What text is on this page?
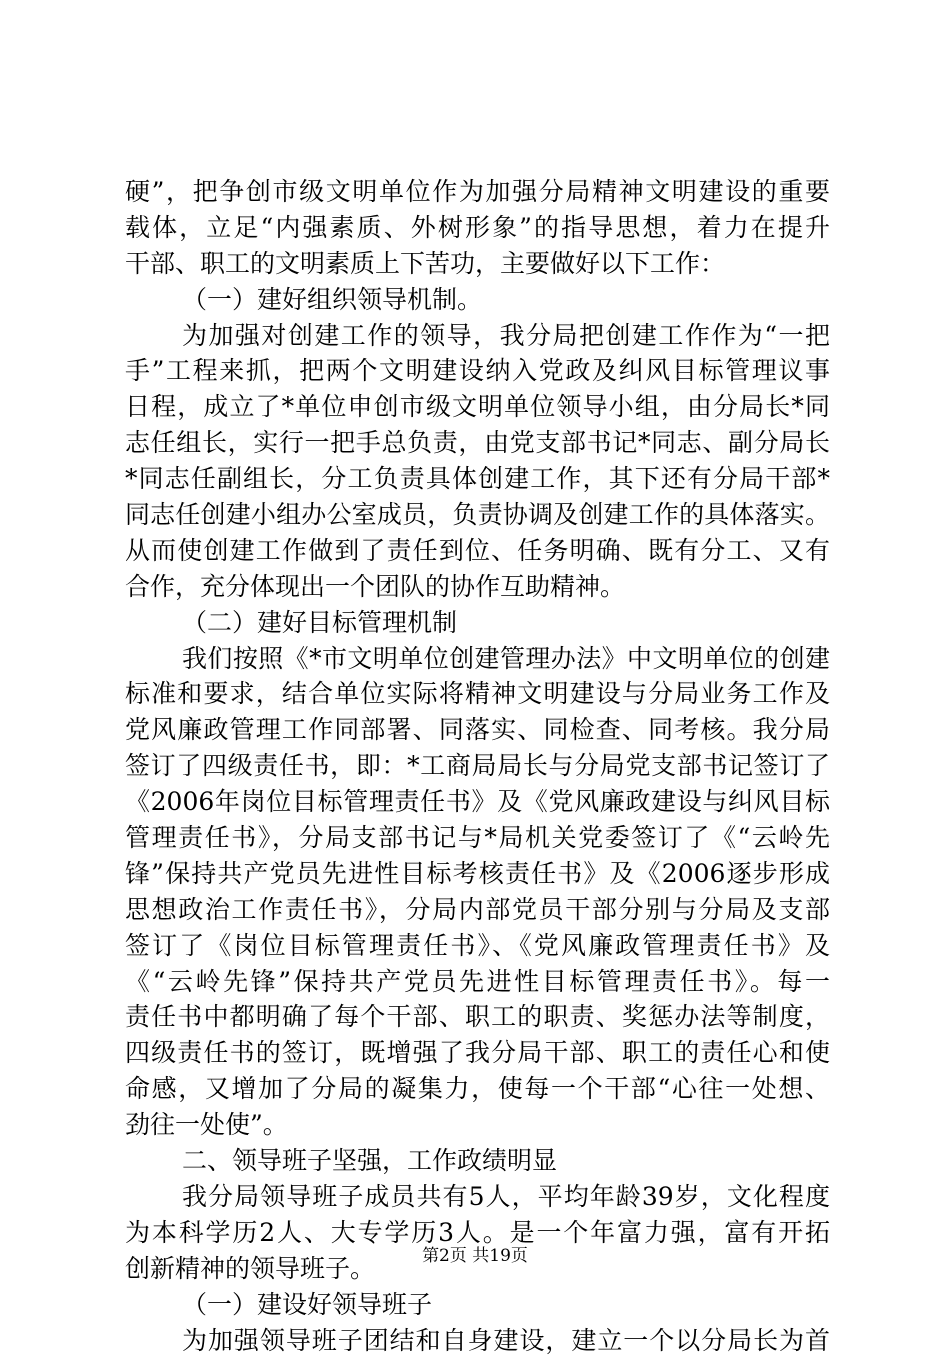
硬”，把争创市级文明单位作为加强分局精神文明建设的重要
载体，立足“内强素质、外树形象”的指导思想，着力在提升
干部、职工的文明素质上下苦功，主要做好以下工作：
（一）建好组织领导机制。
为加强对创建工作的领导，我分局把创建工作作为“一把
手”工程来抓，把两个文明建设纳入党政及纠风目标管理议事
日程，成立了*单位申创市级文明单位领导小组，由分局长*同
志任组长，实行一把手总负责，由党支部书记*同志、副分局长
*同志任副组长，分工负责具体创建工作，其下还有分局干部*
同志任创建小组办公室成员，负责协调及创建工作的具体落实。
从而使创建工作做到了责任到位、任务明确、既有分工、又有
合作，充分体现出一个团队的协作互助精神。
（二）建好目标管理机制
我们按照《*市文明单位创建管理办法》中文明单位的创建
标准和要求，结合单位实际将精神文明建设与分局业务工作及
党风廉政管理工作同部署、同落实、同检查、同考核。我分局
签订了四级责任书，即：*工商局局长与分局党支部书记签订了
《2006年岗位目标管理责任书》及《党风廉政建设与纠风目标
管理责任书》，分局支部书记与*局机关党委签订了《“云岭先
锋”保持共产党员先进性目标考核责任书》及《2006逐步形成
思想政治工作责任书》，分局内部党员干部分别与分局及支部
签订了《岗位目标管理责任书》、《党风廉政管理责任书》及
《“云岭先锋”保持共产党员先进性目标管理责任书》。每一
责任书中都明确了每个干部、职工的职责、奖惩办法等制度，
四级责任书的签订，既增强了我分局干部、职工的责任心和使
命感，又增加了分局的凝集力，使每一个干部“心往一处想、
劲往一处使”。
二、领导班子坚强，工作政绩明显
我分局领导班子成员共有5人，平均年龄39岁，文化程度
为本科学历2人、大专学历3人。是一个年富力强，富有开拓
创新精神的领导班子。
（一）建设好领导班子
为加强领导班子团结和自身建设，建立一个以分局长为首
第2页 共19页
